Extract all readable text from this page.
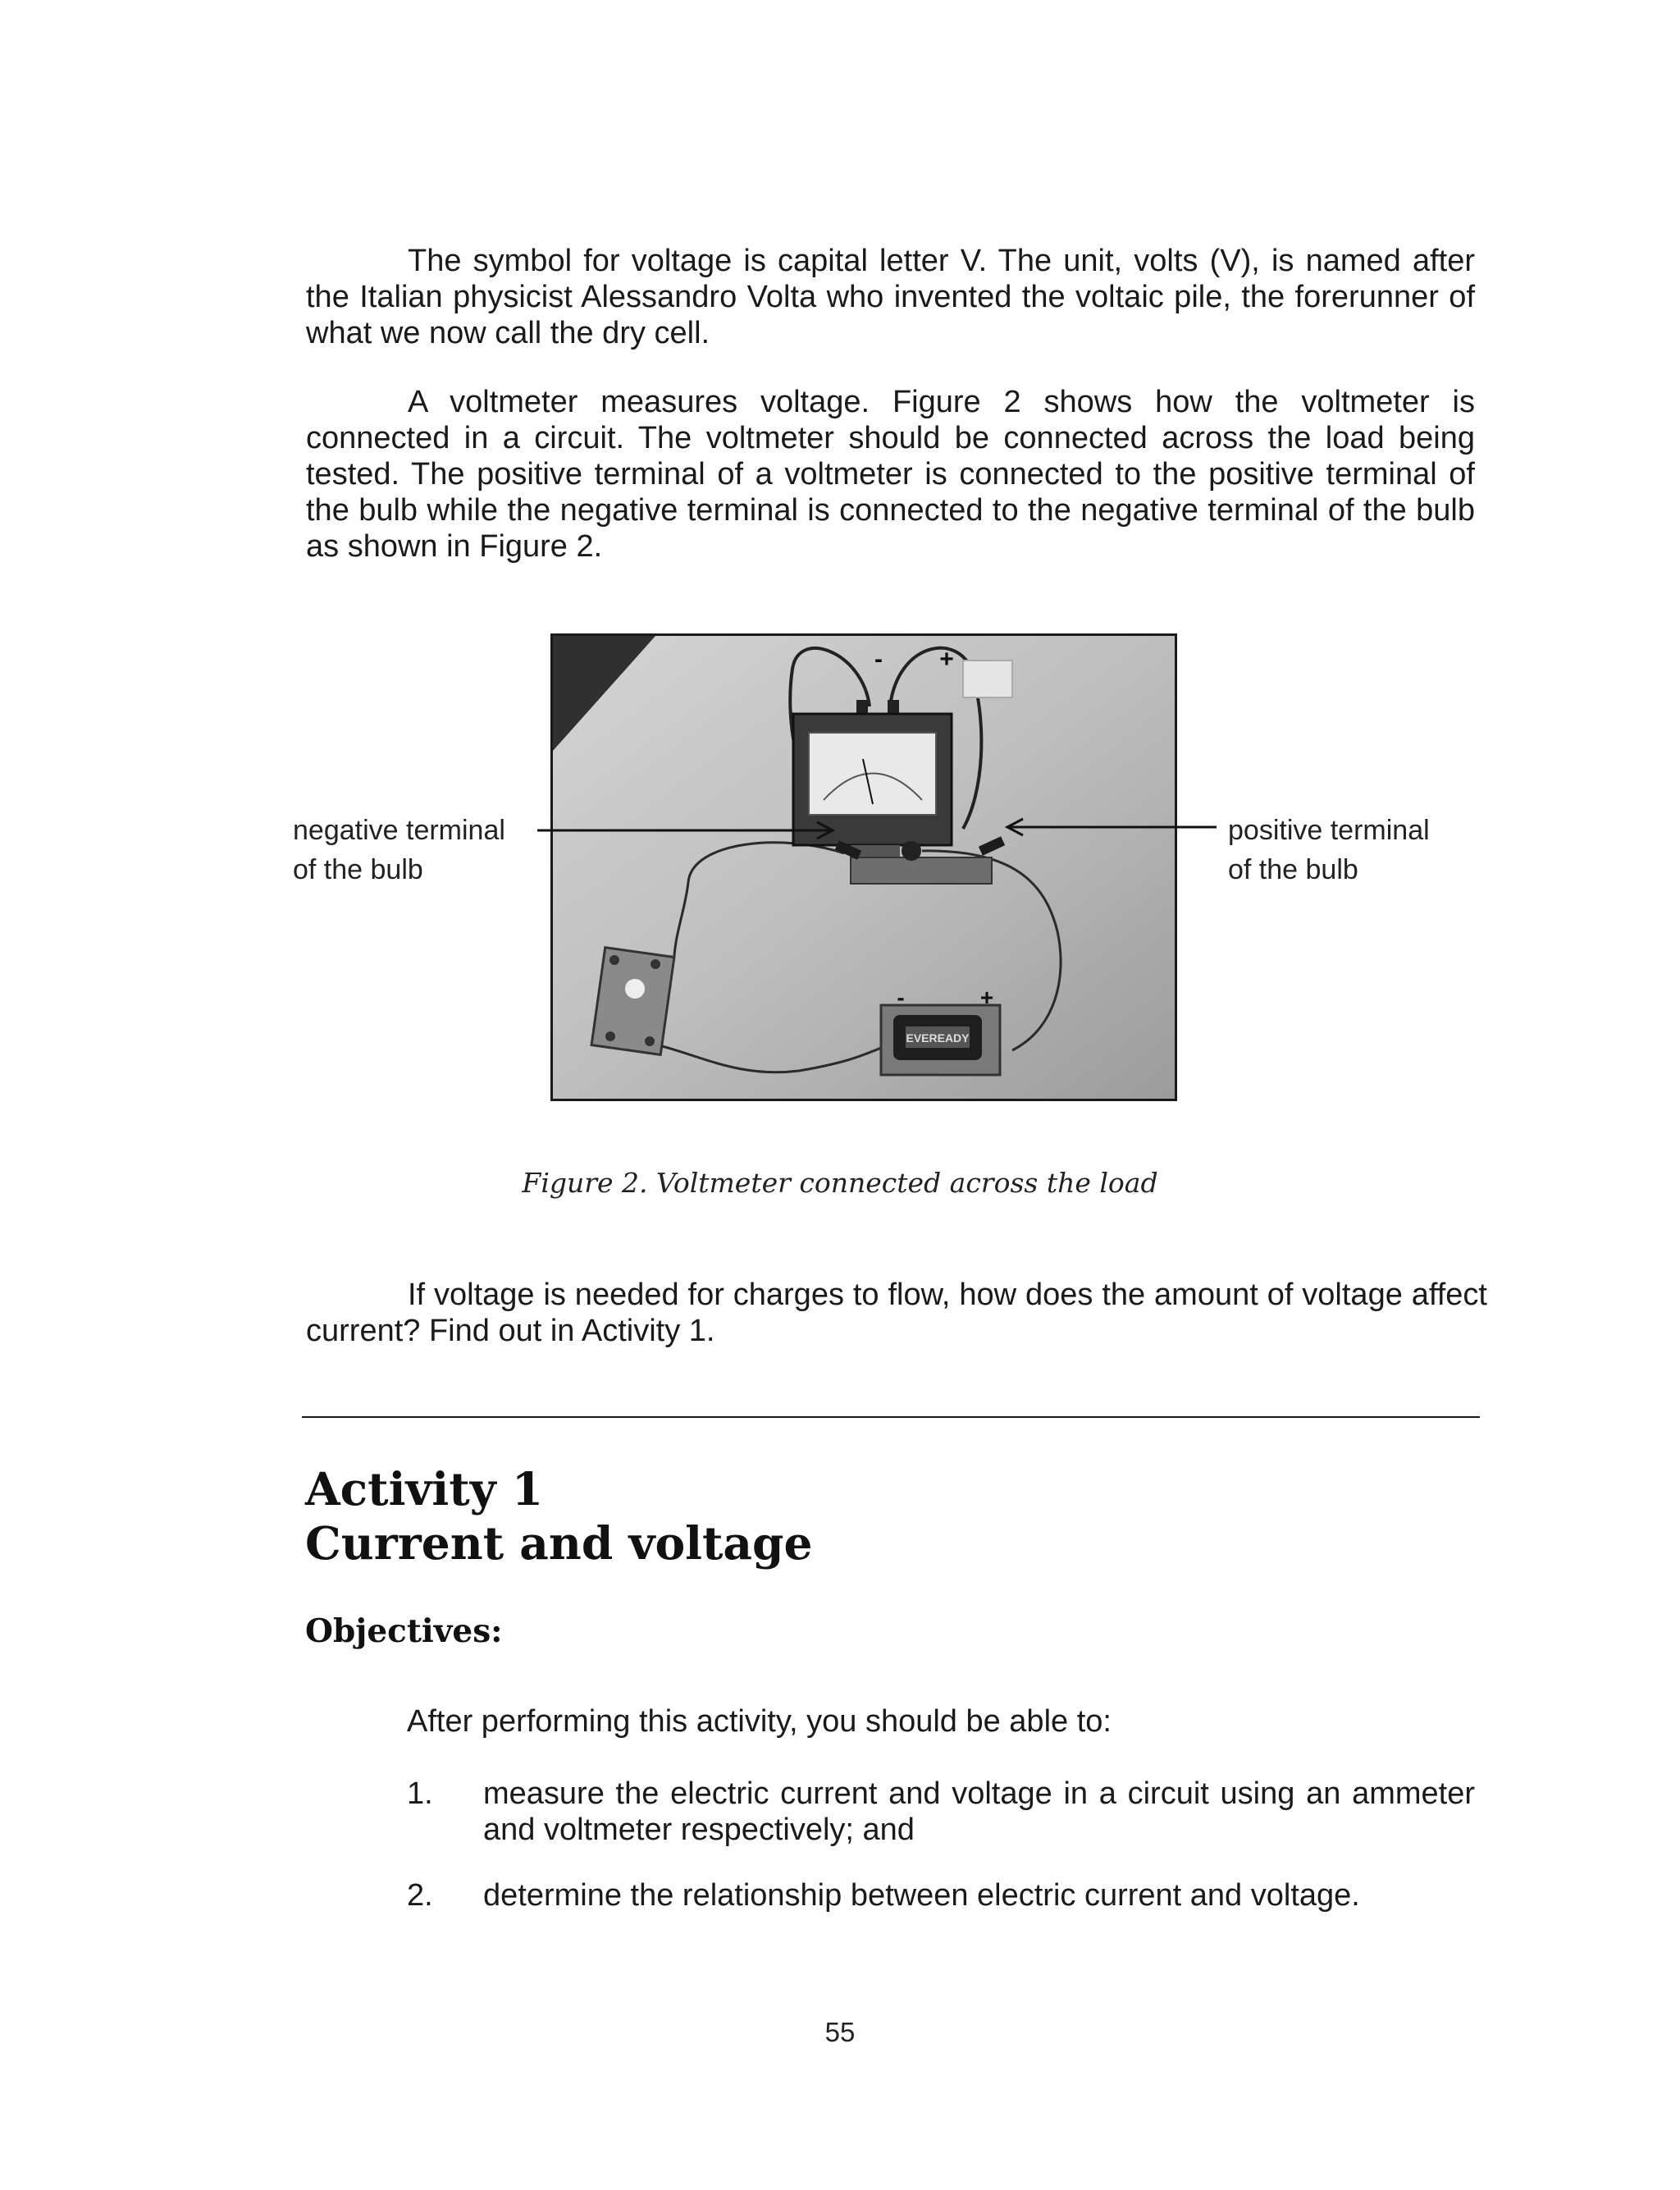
The symbol for voltage is capital letter V. The unit, volts (V), is named after the Italian physicist Alessandro Volta who invented the voltaic pile, the forerunner of what we now call the dry cell.

A voltmeter measures voltage. Figure 2 shows how the voltmeter is connected in a circuit. The voltmeter should be connected across the load being tested. The positive terminal of a voltmeter is connected to the positive terminal of the bulb while the negative terminal is connected to the negative terminal of the bulb as shown in Figure 2.

EVEREADY
- +
-	+
negative terminal
of the bulb
positive terminal
of the bulb
Figure 2. Voltmeter connected across the load

If voltage is needed for charges to flow, how does the amount of voltage affect current? Find out in Activity 1.

Activity 1
Current and voltage
Objectives:

After performing this activity, you should be able to:

1. measure the electric current and voltage in a circuit using an ammeter and voltmeter respectively; and
2. determine the relationship between electric current and voltage.
55
